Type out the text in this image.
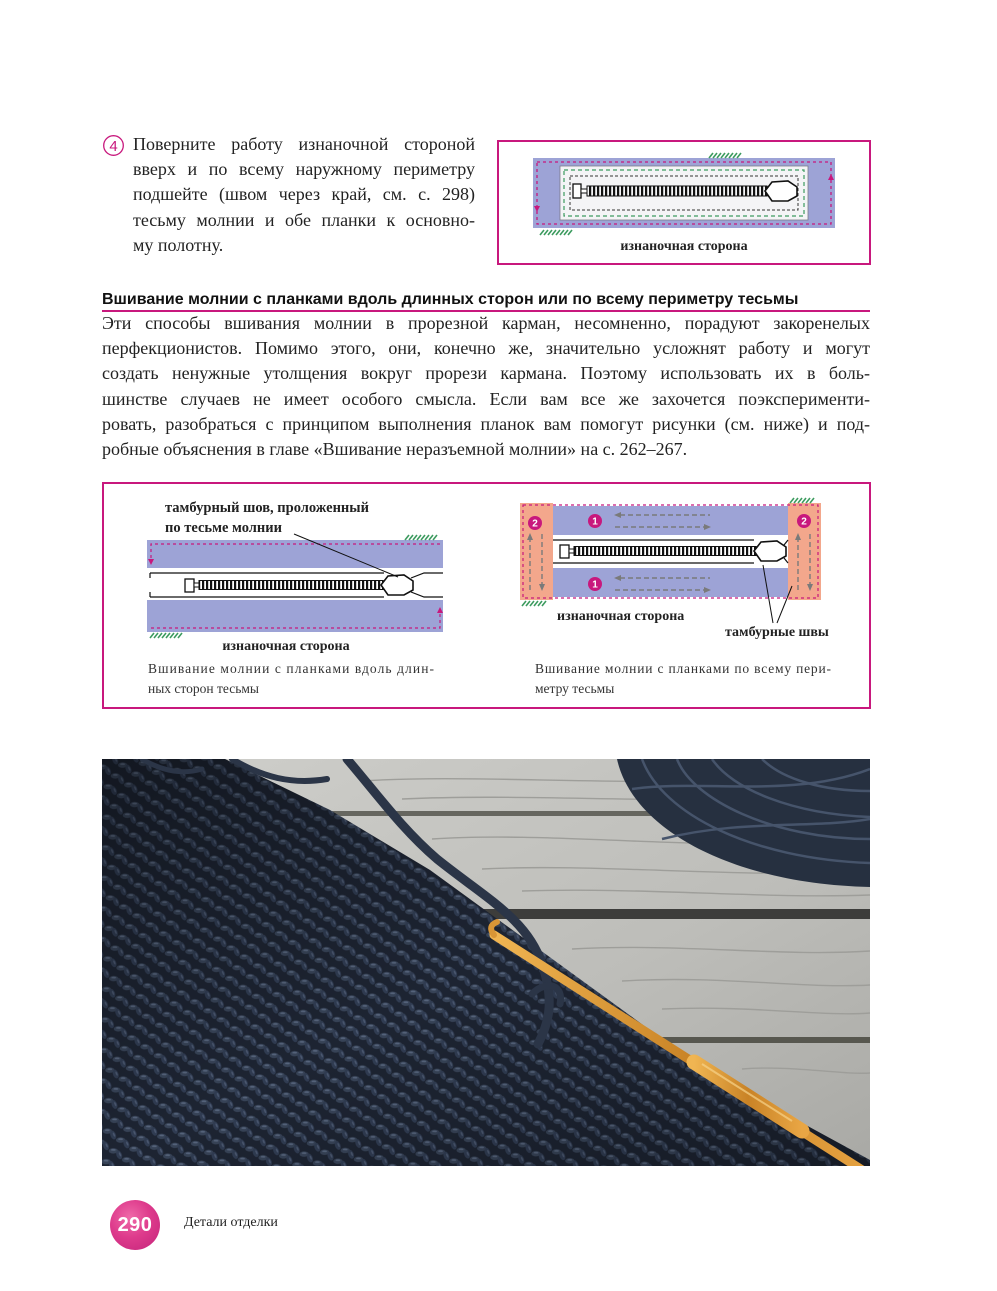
4 Поверните работу изнаночной стороной
вверх и по всему наружному периметру
подшейте (швом через край, см. с. 298)
тесьму молнии и обе планки к основно-
му полотну.	изнаночная сторона
Вшивание молнии с планками вдоль длинных сторон или по всему периметру тесьмы
Эти способы вшивания молнии в прорезной карман, несомненно, порадуют закоренелых
перфекционистов. Помимо этого, они, конечно же, значительно усложнят работу и могут
создать ненужные утолщения вокруг прорези кармана. Поэтому использовать их в боль-
шинстве случаев не имеет особого смысла. Если вам все же захочется поэксперименти-
ровать, разобраться с принципом выполнения планок вам помогут рисунки (см. ниже) и под-
робные объяснения в главе «Вшивание неразъемной молнии» на с. 262–267.
тамбурный шов, проложенный
по тесьме молнии
изнаночная сторона
Вшивание молнии с планками вдоль длин-
ных сторон тесьмы
2	1	2
1
изнаночная сторона
тамбурные швы
Вшивание молнии с планками по всему пери-
метру тесьмы
290 Детали отделки
